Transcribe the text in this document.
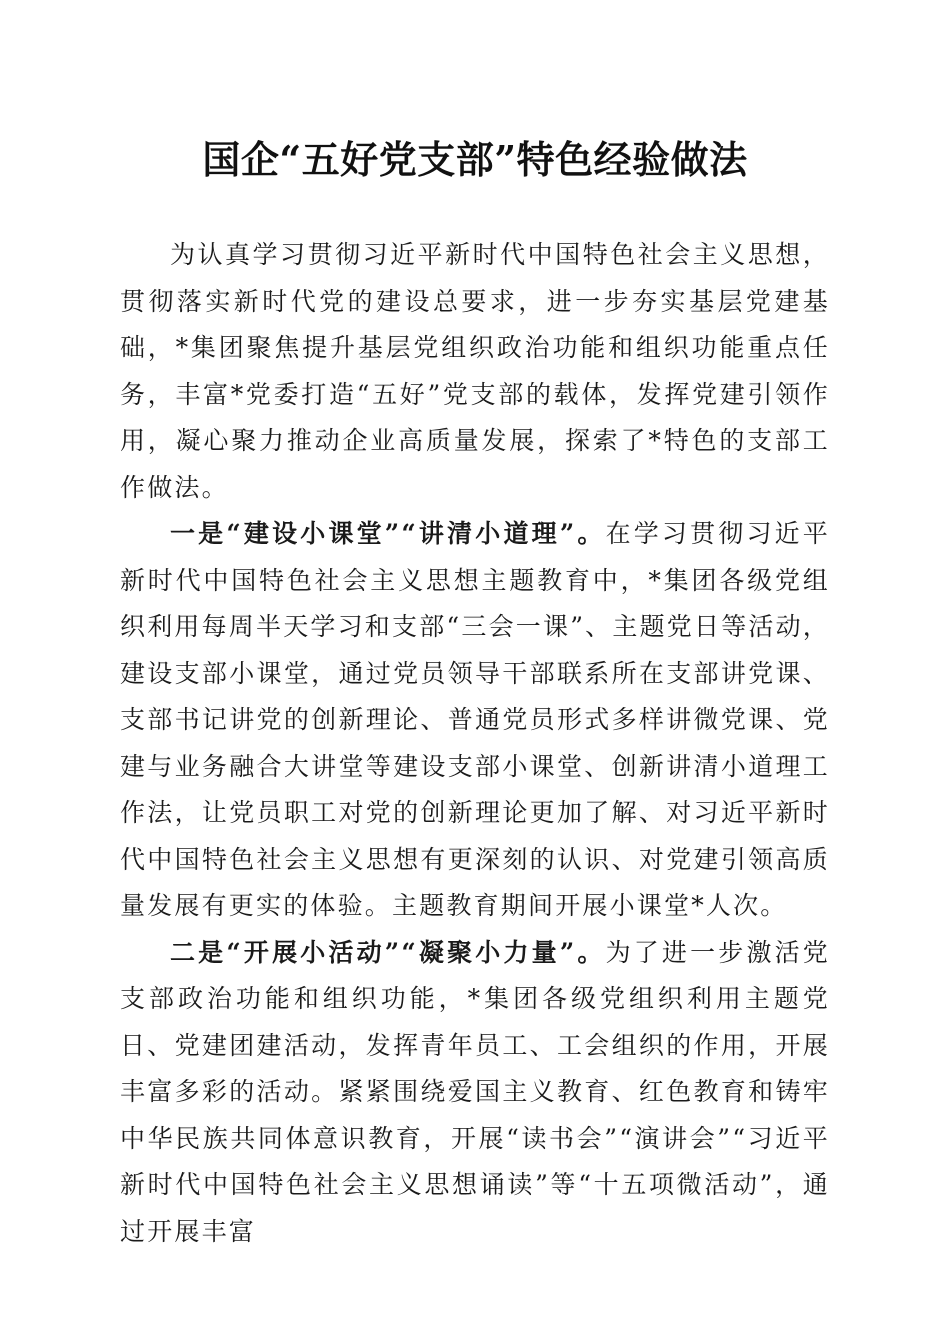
国企“五好党支部”特色经验做法

为认真学习贯彻习近平新时代中国特色社会主义思想，贯彻落实新时代党的建设总要求，进一步夯实基层党建基础，*集团聚焦提升基层党组织政治功能和组织功能重点任务，丰富*党委打造“五好”党支部的载体，发挥党建引领作用，凝心聚力推动企业高质量发展，探索了*特色的支部工作做法。

一是“建设小课堂”“讲清小道理”。在学习贯彻习近平新时代中国特色社会主义思想主题教育中，*集团各级党组织利用每周半天学习和支部“三会一课”、主题党日等活动，建设支部小课堂，通过党员领导干部联系所在支部讲党课、支部书记讲党的创新理论、普通党员形式多样讲微党课、党建与业务融合大讲堂等建设支部小课堂、创新讲清小道理工作法，让党员职工对党的创新理论更加了解、对习近平新时代中国特色社会主义思想有更深刻的认识、对党建引领高质量发展有更实的体验。主题教育期间开展小课堂*人次。

二是“开展小活动”“凝聚小力量”。为了进一步激活党支部政治功能和组织功能，*集团各级党组织利用主题党日、党建团建活动，发挥青年员工、工会组织的作用，开展丰富多彩的活动。紧紧围绕爱国主义教育、红色教育和铸牢中华民族共同体意识教育，开展“读书会”“演讲会”“习近平新时代中国特色社会主义思想诵读”等“十五项微活动”，通过开展丰富
